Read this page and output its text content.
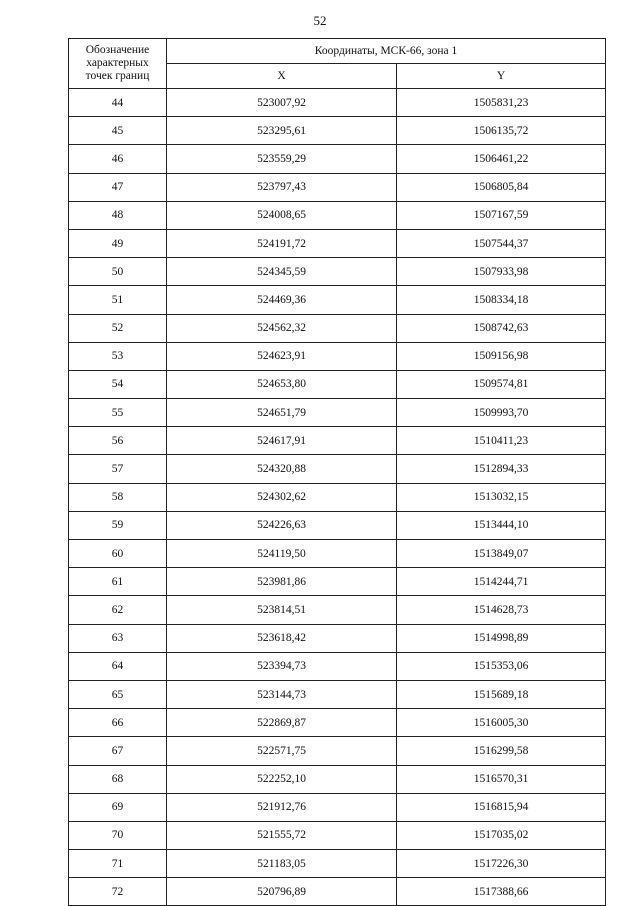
52
Обозначение
характерных
точек границ	Координаты, МСК-66, зона 1	
	X	Y
44	523007,92	1505831,23
45	523295,61	1506135,72
46	523559,29	1506461,22
47	523797,43	1506805,84
48	524008,65	1507167,59
49	524191,72	1507544,37
50	524345,59	1507933,98
51	524469,36	1508334,18
52	524562,32	1508742,63
53	524623,91	1509156,98
54	524653,80	1509574,81
55	524651,79	1509993,70
56	524617,91	1510411,23
57	524320,88	1512894,33
58	524302,62	1513032,15
59	524226,63	1513444,10
60	524119,50	1513849,07
61	523981,86	1514244,71
62	523814,51	1514628,73
63	523618,42	1514998,89
64	523394,73	1515353,06
65	523144,73	1515689,18
66	522869,87	1516005,30
67	522571,75	1516299,58
68	522252,10	1516570,31
69	521912,76	1516815,94
70	521555,72	1517035,02
71	521183,05	1517226,30
72	520796,89	1517388,66
